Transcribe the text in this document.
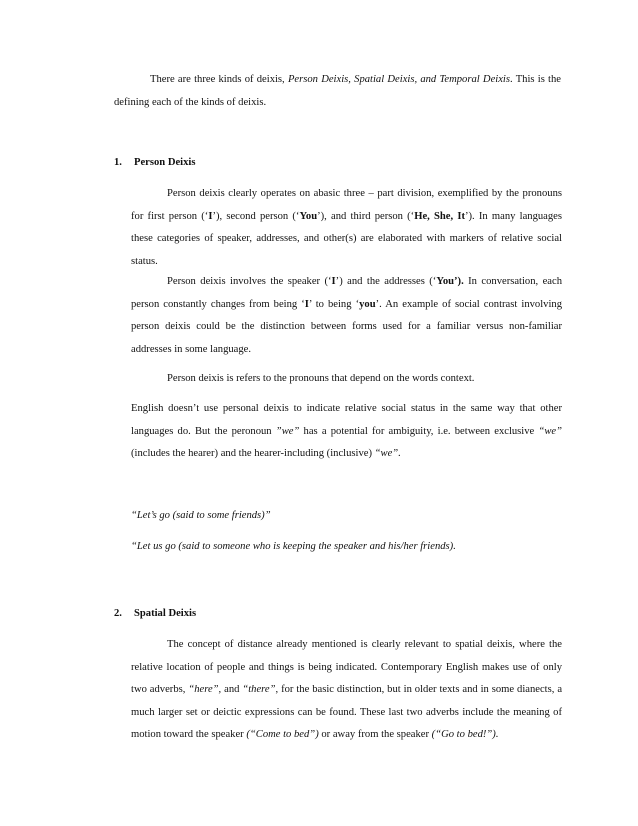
There are three kinds of deixis, Person Deixis, Spatial Deixis, and Temporal Deixis. This is the defining each of the kinds of deixis.
1. Person Deixis
Person deixis clearly operates on abasic three – part division, exemplified by the pronouns for first person (‘I’), second person (‘You’), and third person (‘He, She, It’). In many languages these categories of speaker, addresses, and other(s) are elaborated with markers of relative social status.
Person deixis involves the speaker (‘I’) and the addresses (‘You’). In conversation, each person constantly changes from being ‘I’ to being ‘you’. An example of social contrast involving person deixis could be the distinction between forms used for a familiar versus non-familiar addresses in some language.
Person deixis is refers to the pronouns that depend on the words context.
English doesn’t use personal deixis to indicate relative social status in the same way that other languages do. But the peronoun ”we” has a potential for ambiguity, i.e. between exclusive “we” (includes the hearer) and the hearer-including (inclusive) “we”.
“Let’s go (said to some friends)”
“Let us go (said to someone who is keeping the speaker and his/her friends).
2. Spatial Deixis
The concept of distance already mentioned is clearly relevant to spatial deixis, where the relative location of people and things is being indicated. Contemporary English makes use of only two adverbs, “here”, and “there”, for the basic distinction, but in older texts and in some dianects, a much larger set or deictic expressions can be found. These last two adverbs include the meaning of motion toward the speaker (“Come to bed”) or away from the speaker (“Go to bed!”).
